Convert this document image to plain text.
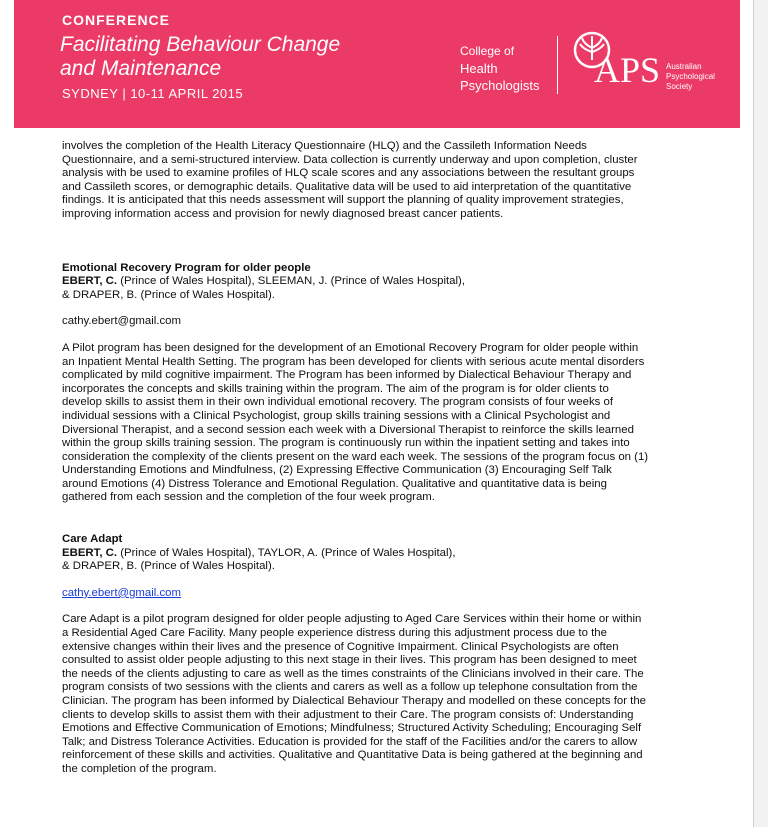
CONFERENCE
Facilitating Behaviour Change
and Maintenance
SYDNEY | 10-11 APRIL 2015
College of
Health
Psychologists APS Australian
Psychological
Society

involves the completion of the Health Literacy Questionnaire (HLQ) and the Cassileth Information Needs

Questionnaire, and a semi-structured interview. Data collection is currently underway and upon completion, cluster

analysis with be used to examine profiles of HLQ scale scores and any associations between the resultant groups

and Cassileth scores, or demographic details. Qualitative data will be used to aid interpretation of the quantitative

findings. It is anticipated that this needs assessment will support the planning of quality improvement strategies,

improving information access and provision for newly diagnosed breast cancer patients.

Emotional Recovery Program for older people

EBERT, C. (Prince of Wales Hospital), SLEEMAN, J. (Prince of Wales Hospital),

& DRAPER, B. (Prince of Wales Hospital).

cathy.ebert@gmail.com

A Pilot program has been designed for the development of an Emotional Recovery Program for older people within

an Inpatient Mental Health Setting. The program has been developed for clients with serious acute mental disorders

complicated by mild cognitive impairment. The Program has been informed by Dialectical Behaviour Therapy and

incorporates the concepts and skills training within the program. The aim of the program is for older clients to

develop skills to assist them in their own individual emotional recovery. The program consists of four weeks of

individual sessions with a Clinical Psychologist, group skills training sessions with a Clinical Psychologist and

Diversional Therapist, and a second session each week with a Diversional Therapist to reinforce the skills learned

within the group skills training session. The program is continuously run within the inpatient setting and takes into

consideration the complexity of the clients present on the ward each week. The sessions of the program focus on (1)

Understanding Emotions and Mindfulness, (2) Expressing Effective Communication (3) Encouraging Self Talk

around Emotions (4) Distress Tolerance and Emotional Regulation. Qualitative and quantitative data is being

gathered from each session and the completion of the four week program.

Care Adapt

EBERT, C. (Prince of Wales Hospital), TAYLOR, A. (Prince of Wales Hospital),

& DRAPER, B. (Prince of Wales Hospital).

cathy.ebert@gmail.com

Care Adapt is a pilot program designed for older people adjusting to Aged Care Services within their home or within

a Residential Aged Care Facility. Many people experience distress during this adjustment process due to the

extensive changes within their lives and the presence of Cognitive Impairment. Clinical Psychologists are often

consulted to assist older people adjusting to this next stage in their lives. This program has been designed to meet

the needs of the clients adjusting to care as well as the times constraints of the Clinicians involved in their care. The

program consists of two sessions with the clients and carers as well as a follow up telephone consultation from the

Clinician. The program has been informed by Dialectical Behaviour Therapy and modelled on these concepts for the

clients to develop skills to assist them with their adjustment to their Care. The program consists of: Understanding

Emotions and Effective Communication of Emotions; Mindfulness; Structured Activity Scheduling; Encouraging Self

Talk; and Distress Tolerance Activities. Education is provided for the staff of the Facilities and/or the carers to allow

reinforcement of these skills and activities. Qualitative and Quantitative Data is being gathered at the beginning and

the completion of the program.
